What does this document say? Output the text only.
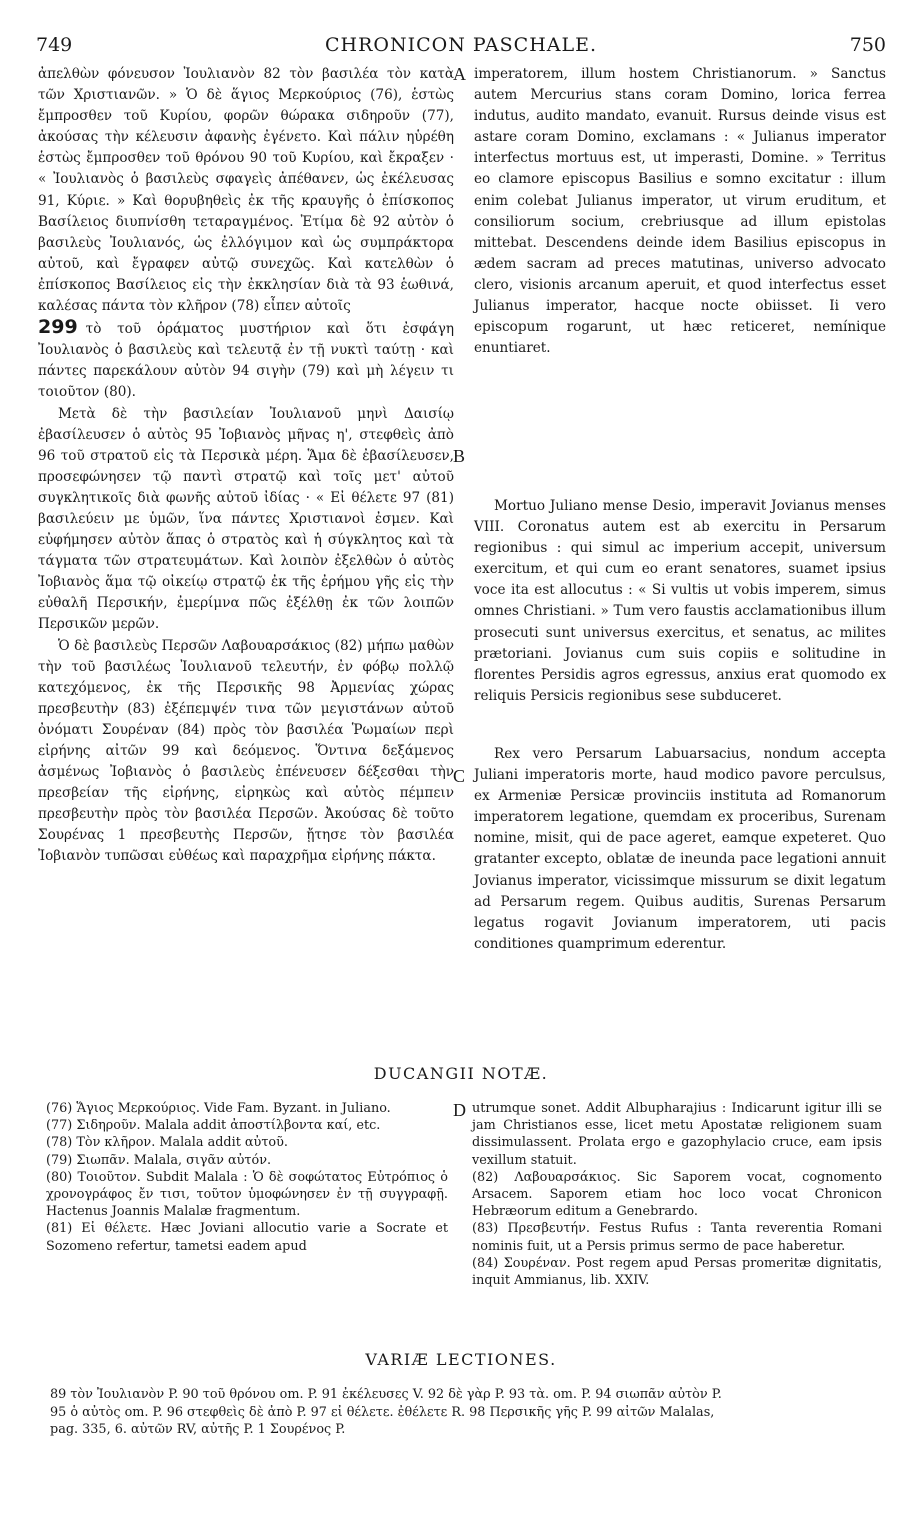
749	CHRONICON PASCHALE.	750

ἀπελθὼν φόνευσον Ἰουλιανὸν 82 τὸν βασιλέα τὸν κατὰ τῶν Χριστιανῶν. » Ὁ δὲ ἅγιος Μερκούριος (76), ἑστὼς ἔμπροσθεν τοῦ Κυρίου, φορῶν θώρακα σιδηροῦν (77), ἀκούσας τὴν κέλευσιν ἀφανὴς ἐγένετο. Καὶ πάλιν ηὑρέθη ἑστὼς ἔμπροσθεν τοῦ θρόνου 90 τοῦ Κυρίου, καὶ ἔκραξεν · « Ἰουλιανὸς ὁ βασιλεὺς σφαγεὶς ἀπέθανεν, ὡς ἐκέλευσας 91, Κύριε. » Καὶ θορυβηθεὶς ἐκ τῆς κραυγῆς ὁ ἐπίσκοπος Βασίλειος διυπνίσθη τεταραγμένος. Ἐτίμα δὲ 92 αὐτὸν ὁ βασιλεὺς Ἰουλιανός, ὡς ἐλλόγιμον καὶ ὡς συμπράκτορα αὐτοῦ, καὶ ἔγραφεν αὐτῷ συνεχῶς. Καὶ κατελθὼν ὁ ἐπίσκοπος Βασίλειος εἰς τὴν ἐκκλησίαν διὰ τὰ 93 ἑωθινά, καλέσας πάντα τὸν κλῆρον (78) εἶπεν αὐτοῖς

299 τὸ τοῦ ὁράματος μυστήριον καὶ ὅτι ἐσφάγη Ἰουλιανὸς ὁ βασιλεὺς καὶ τελευτᾷ ἐν τῇ νυκτὶ ταύτῃ · καὶ πάντες παρεκάλουν αὐτὸν 94 σιγὴν (79) καὶ μὴ λέγειν τι τοιοῦτον (80).

Μετὰ δὲ τὴν βασιλείαν Ἰουλιανοῦ μηνὶ Δαισίῳ ἐβασίλευσεν ὁ αὐτὸς 95 Ἰοβιανὸς μῆνας η', στεφθεὶς ἀπὸ 96 τοῦ στρατοῦ εἰς τὰ Περσικὰ μέρη. Ἅμα δὲ ἐβασίλευσεν, προσεφώνησεν τῷ παντὶ στρατῷ καὶ τοῖς μετ' αὐτοῦ συγκλητικοῖς διὰ φωνῆς αὐτοῦ ἰδίας · « Εἰ θέλετε 97 (81) βασιλεύειν με ὑμῶν, ἵνα πάντες Χριστιανοὶ ἐσμεν. Καὶ εὐφήμησεν αὐτὸν ἅπας ὁ στρατὸς καὶ ἡ σύγκλητος καὶ τὰ τάγματα τῶν στρατευμάτων. Καὶ λοιπὸν ἐξελθὼν ὁ αὐτὸς Ἰοβιανὸς ἅμα τῷ οἰκείῳ στρατῷ ἐκ τῆς ἐρήμου γῆς εἰς τὴν εὐθαλῆ Περσικήν, ἐμερίμνα πῶς ἐξέλθῃ ἐκ τῶν λοιπῶν Περσικῶν μερῶν.

Ὁ δὲ βασιλεὺς Περσῶν Λαβουαρσάκιος (82) μήπω μαθὼν τὴν τοῦ βασιλέως Ἰουλιανοῦ τελευτήν, ἐν φόβῳ πολλῷ κατεχόμενος, ἐκ τῆς Περσικῆς 98 Ἀρμενίας χώρας πρεσβευτὴν (83) ἐξέπεμψέν τινα τῶν μεγιστάνων αὐτοῦ ὀνόματι Σουρέναν (84) πρὸς τὸν βασιλέα Ῥωμαίων περὶ εἰρήνης αἰτῶν 99 καὶ δεόμενος. Ὅντινα δεξάμενος ἀσμένως Ἰοβιανὸς ὁ βασιλεὺς ἐπένευσεν δέξεσθαι τὴν πρεσβείαν τῆς εἰρήνης, εἰρηκὼς καὶ αὐτὸς πέμπειν πρεσβευτὴν πρὸς τὸν βασιλέα Περσῶν. Ἀκούσας δὲ τοῦτο Σουρένας 1 πρεσβευτὴς Περσῶν, ᾔτησε τὸν βασιλέα Ἰοβιανὸν τυπῶσαι εὐθέως καὶ παραχρῆμα εἰρήνης πάκτα.

A
B
C
D

imperatorem, illum hostem Christianorum. » Sanctus autem Mercurius stans coram Domino, lorica ferrea indutus, audito mandato, evanuit. Rursus deinde visus est astare coram Domino, exclamans : « Julianus imperator interfectus mortuus est, ut imperasti, Domine. » Territus eo clamore episcopus Basilius e somno excitatur : illum enim colebat Julianus imperator, ut virum eruditum, et consiliorum socium, crebriusque ad illum epistolas mittebat. Descendens deinde idem Basilius episcopus in ædem sacram ad preces matutinas, universo advocato clero, visionis arcanum aperuit, et quod interfectus esset Julianus imperator, hacque nocte obiisset. Ii vero episcopum rogarunt, ut hæc reticeret, nemínique enuntiaret.

Mortuo Juliano mense Desio, imperavit Jovianus menses VIII. Coronatus autem est ab exercitu in Persarum regionibus : qui simul ac imperium accepit, universum exercitum, et qui cum eo erant senatores, suamet ipsius voce ita est allocutus : « Si vultis ut vobis imperem, simus omnes Christiani. » Tum vero faustis acclamationibus illum prosecuti sunt universus exercitus, et senatus, ac milites prætoriani. Jovianus cum suis copiis e solitudine in florentes Persidis agros egressus, anxius erat quomodo ex reliquis Persicis regionibus sese subduceret.

Rex vero Persarum Labuarsacius, nondum accepta Juliani imperatoris morte, haud modico pavore perculsus, ex Armeniæ Persicæ provinciis instituta ad Romanorum imperatorem legatione, quemdam ex proceribus, Surenam nomine, misit, qui de pace ageret, eamque expeteret. Quo gratanter excepto, oblatæ de ineunda pace legationi annuit Jovianus imperator, vicissimque missurum se dixit legatum ad Persarum regem. Quibus auditis, Surenas Persarum legatus rogavit Jovianum imperatorem, uti pacis conditiones quamprimum ederentur.

DUCANGII NOTÆ.

(76) Ἅγιος Μερκούριος. Vide Fam. Byzant. in Juliano.

(77) Σιδηροῦν. Malala addit ἀποστίλβοντα καί, etc.

(78) Τὸν κλῆρον. Malala addit αὐτοῦ.

(79) Σιωπᾶν. Malala, σιγᾶν αὐτόν.

(80) Τοιοῦτον. Subdit Malala : Ὁ δὲ σοφώτατος Εὐτρόπιος ὁ χρονογράφος ἔν τισι, τοῦτον ὑμοφώνησεν ἐν τῇ συγγραφῇ. Hactenus Joannis Malalæ fragmentum.

(81) Εἰ θέλετε. Hæc Joviani allocutio varie a Socrate et Sozomeno refertur, tametsi eadem apud

utrumque sonet. Addit Albupharajius : Indicarunt igitur illi se jam Christianos esse, licet metu Apostatæ religionem suam dissimulassent. Prolata ergo e gazophylacio cruce, eam ipsis vexillum statuit.

(82) Λαβουαρσάκιος. Sic Saporem vocat, cognomento Arsacem. Saporem etiam hoc loco vocat Chronicon Hebræorum editum a Genebrardo.

(83) Πρεσβευτήν. Festus Rufus : Tanta reverentia Romani nominis fuit, ut a Persis primus sermo de pace haberetur.

(84) Σουρέναν. Post regem apud Persas promeritæ dignitatis, inquit Ammianus, lib. XXIV.

VARIÆ LECTIONES.

89 τὸν Ἰουλιανὸν P. 90 τοῦ θρόνου om. P. 91 ἐκέλευσες V. 92 δὲ γὰρ P. 93 τὰ. om. P. 94 σιωπᾶν αὐτὸν P.

95 ὁ αὐτὸς om. P. 96 στεφθεὶς δὲ ἀπὸ P. 97 εἰ θέλετε. ἐθέλετε R. 98 Περσικῆς γῆς P. 99 αἰτῶν Malalas,

pag. 335, 6. αὐτῶν RV, αὐτῆς P. 1 Σουρένος P.
